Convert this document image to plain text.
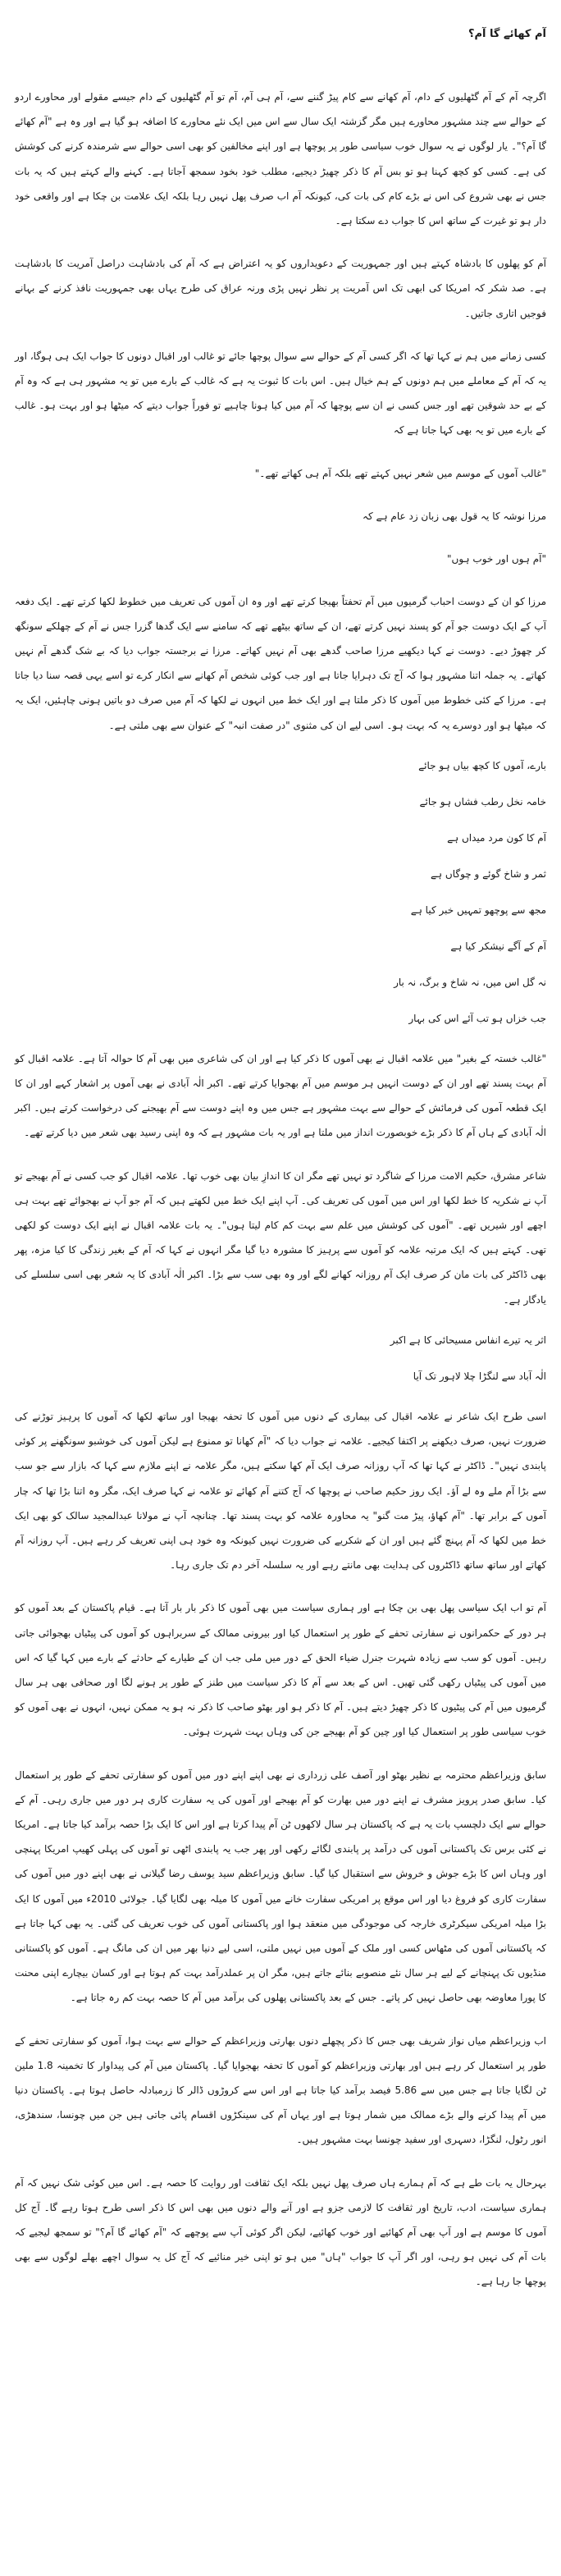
آم کھائے گا آم؟

اگرچہ آم کے آم گٹھلیوں کے دام، آم کھانے سے کام پیڑ گننے سے، آم ہی آم، آم تو آم گٹھلیوں کے دام جیسے مقولے اور محاورے اردو کے حوالے سے چند مشہور محاورے ہیں مگر گزشتہ ایک سال سے اس میں ایک نئے محاورے کا اضافہ ہو گیا ہے اور وہ ہے "آم کھائے گا آم؟"۔ یار لوگوں نے یہ سوال خوب سیاسی طور پر پوچھا ہے اور اپنے مخالفین کو بھی اسی حوالے سے شرمندہ کرنے کی کوشش کی ہے۔ کسی کو کچھ کہنا ہو تو بس آم کا ذکر چھیڑ دیجیے، مطلب خود بخود سمجھ آجاتا ہے۔ کہنے والے کہتے ہیں کہ یہ بات جس نے بھی شروع کی اس نے بڑے کام کی بات کی، کیونکہ آم اب صرف پھل نہیں رہا بلکہ ایک علامت بن چکا ہے اور واقعی خود دار ہو تو غیرت کے ساتھ اس کا جواب دے سکتا ہے۔

آم کو پھلوں کا بادشاہ کہتے ہیں اور جمہوریت کے دعویداروں کو یہ اعتراض ہے کہ آم کی بادشاہت دراصل آمریت کا بادشاہت ہے۔ صد شکر کہ امریکا کی ابھی تک اس آمریت پر نظر نہیں پڑی ورنہ عراق کی طرح یہاں بھی جمہوریت نافذ کرنے کے بہانے فوجیں اتاری جاتیں۔

کسی زمانے میں ہم نے کہا تھا کہ اگر کسی آم کے حوالے سے سوال پوچھا جائے تو غالب اور اقبال دونوں کا جواب ایک ہی ہوگا، اور یہ کہ آم کے معاملے میں ہم دونوں کے ہم خیال ہیں۔ اس بات کا ثبوت یہ ہے کہ غالب کے بارے میں تو یہ مشہور ہی ہے کہ وہ آم کے بے حد شوقین تھے اور جس کسی نے ان سے پوچھا کہ آم میں کیا ہونا چاہیے تو فوراً جواب دیتے کہ میٹھا ہو اور بہت ہو۔ غالب کے بارے میں تو یہ بھی کہا جاتا ہے کہ

"غالب آموں کے موسم میں شعر نہیں کہتے تھے بلکہ آم ہی کھاتے تھے۔"

مرزا نوشہ کا یہ قول بھی زبان زد عام ہے کہ

"آم ہوں اور خوب ہوں"

مرزا کو ان کے دوست احباب گرمیوں میں آم تحفتاً بھیجا کرتے تھے اور وہ ان آموں کی تعریف میں خطوط لکھا کرتے تھے۔ ایک دفعہ آپ کے ایک دوست جو آم کو پسند نہیں کرتے تھے، ان کے ساتھ بیٹھے تھے کہ سامنے سے ایک گدھا گزرا جس نے آم کے چھلکے سونگھ کر چھوڑ دیے۔ دوست نے کہا دیکھیے مرزا صاحب گدھے بھی آم نہیں کھاتے۔ مرزا نے برجستہ جواب دیا کہ بے شک گدھے آم نہیں کھاتے۔ یہ جملہ اتنا مشہور ہوا کہ آج تک دہرایا جاتا ہے اور جب کوئی شخص آم کھانے سے انکار کرے تو اسے یہی قصہ سنا دیا جاتا ہے۔ مرزا کے کئی خطوط میں آموں کا ذکر ملتا ہے اور ایک خط میں انہوں نے لکھا کہ آم میں صرف دو باتیں ہونی چاہئیں، ایک یہ کہ میٹھا ہو اور دوسرے یہ کہ بہت ہو۔ اسی لیے ان کی مثنوی "در صفت انبہ" کے عنوان سے بھی ملتی ہے۔

بارے، آموں کا کچھ بیاں ہو جائے

خامہ نخل رطب فشاں ہو جائے

آم کا کون مرد میداں ہے

ثمر و شاخ گوئے و چوگاں ہے

مجھ سے پوچھو تمہیں خبر کیا ہے

آم کے آگے نیشکر کیا ہے

نہ گل اس میں، نہ شاخ و برگ، نہ بار

جب خزاں ہو تب آئے اس کی بہار

"غالب خستہ کے بغیر" میں علامہ اقبال نے بھی آموں کا ذکر کیا ہے اور ان کی شاعری میں بھی آم کا حوالہ آتا ہے۔ علامہ اقبال کو آم بہت پسند تھے اور ان کے دوست انہیں ہر موسم میں آم بھجوایا کرتے تھے۔ اکبر الٰہ آبادی نے بھی آموں پر اشعار کہے اور ان کا ایک قطعہ آموں کی فرمائش کے حوالے سے بہت مشہور ہے جس میں وہ اپنے دوست سے آم بھیجنے کی درخواست کرتے ہیں۔ اکبر الٰہ آبادی کے ہاں آم کا ذکر بڑے خوبصورت انداز میں ملتا ہے اور یہ بات مشہور ہے کہ وہ اپنی رسید بھی شعر میں دیا کرتے تھے۔

شاعر مشرق، حکیم الامت مرزا کے شاگرد تو نہیں تھے مگر ان کا اندازِ بیان بھی خوب تھا۔ علامہ اقبال کو جب کسی نے آم بھیجے تو آپ نے شکریہ کا خط لکھا اور اس میں آموں کی تعریف کی۔ آپ اپنے ایک خط میں لکھتے ہیں کہ آم جو آپ نے بھجوائے تھے بہت ہی اچھے اور شیریں تھے۔ "آموں کی کوشش میں علم سے بہت کم کام لیتا ہوں"۔ یہ بات علامہ اقبال نے اپنے ایک دوست کو لکھی تھی۔ کہتے ہیں کہ ایک مرتبہ علامہ کو آموں سے پرہیز کا مشورہ دیا گیا مگر انہوں نے کہا کہ آم کے بغیر زندگی کا کیا مزہ، پھر بھی ڈاکٹر کی بات مان کر صرف ایک آم روزانہ کھانے لگے اور وہ بھی سب سے بڑا۔ اکبر الٰہ آبادی کا یہ شعر بھی اسی سلسلے کی یادگار ہے۔

اثر یہ تیرے انفاس مسیحائی کا ہے اکبر

الٰہ آباد سے لنگڑا چلا لاہور تک آیا

اسی طرح ایک شاعر نے علامہ اقبال کی بیماری کے دنوں میں آموں کا تحفہ بھیجا اور ساتھ لکھا کہ آموں کا پرہیز توڑنے کی ضرورت نہیں، صرف دیکھنے پر اکتفا کیجیے۔ علامہ نے جواب دیا کہ "آم کھانا تو ممنوع ہے لیکن آموں کی خوشبو سونگھنے پر کوئی پابندی نہیں"۔ ڈاکٹر نے کہا تھا کہ آپ روزانہ صرف ایک آم کھا سکتے ہیں، مگر علامہ نے اپنے ملازم سے کہا کہ بازار سے جو سب سے بڑا آم ملے وہ لے آؤ۔ ایک روز حکیم صاحب نے پوچھا کہ آج کتنے آم کھائے تو علامہ نے کہا صرف ایک، مگر وہ اتنا بڑا تھا کہ چار آموں کے برابر تھا۔ "آم کھاؤ، پیڑ مت گنو" یہ محاورہ علامہ کو بہت پسند تھا۔ چنانچہ آپ نے مولانا عبدالمجید سالک کو بھی ایک خط میں لکھا کہ آم پہنچ گئے ہیں اور ان کے شکریے کی ضرورت نہیں کیونکہ وہ خود ہی اپنی تعریف کر رہے ہیں۔ آپ روزانہ آم کھاتے اور ساتھ ساتھ ڈاکٹروں کی ہدایت بھی مانتے رہے اور یہ سلسلہ آخر دم تک جاری رہا۔

آم تو اب ایک سیاسی پھل بھی بن چکا ہے اور ہماری سیاست میں بھی آموں کا ذکر بار بار آتا ہے۔ قیام پاکستان کے بعد آموں کو ہر دور کے حکمرانوں نے سفارتی تحفے کے طور پر استعمال کیا اور بیرونی ممالک کے سربراہوں کو آموں کی پیٹیاں بھجوائی جاتی رہیں۔ آموں کو سب سے زیادہ شہرت جنرل ضیاء الحق کے دور میں ملی جب ان کے طیارے کے حادثے کے بارے میں کہا گیا کہ اس میں آموں کی پیٹیاں رکھی گئی تھیں۔ اس کے بعد سے آم کا ذکر سیاست میں طنز کے طور پر ہونے لگا اور صحافی بھی ہر سال گرمیوں میں آم کی پیٹیوں کا ذکر چھیڑ دیتے ہیں۔ آم کا ذکر ہو اور بھٹو صاحب کا ذکر نہ ہو یہ ممکن نہیں، انہوں نے بھی آموں کو خوب سیاسی طور پر استعمال کیا اور چین کو آم بھیجے جن کی وہاں بہت شہرت ہوئی۔

سابق وزیراعظم محترمہ بے نظیر بھٹو اور آصف علی زرداری نے بھی اپنے اپنے دور میں آموں کو سفارتی تحفے کے طور پر استعمال کیا۔ سابق صدر پرویز مشرف نے اپنے دور میں بھارت کو آم بھیجے اور آموں کی یہ سفارت کاری ہر دور میں جاری رہی۔ آم کے حوالے سے ایک دلچسپ بات یہ ہے کہ پاکستان ہر سال لاکھوں ٹن آم پیدا کرتا ہے اور اس کا ایک بڑا حصہ برآمد کیا جاتا ہے۔ امریکا نے کئی برس تک پاکستانی آموں کی درآمد پر پابندی لگائے رکھی اور پھر جب یہ پابندی اٹھی تو آموں کی پہلی کھیپ امریکا پہنچی اور وہاں اس کا بڑے جوش و خروش سے استقبال کیا گیا۔ سابق وزیراعظم سید یوسف رضا گیلانی نے بھی اپنے دور میں آموں کی سفارت کاری کو فروغ دیا اور اس موقع پر امریکی سفارت خانے میں آموں کا میلہ بھی لگایا گیا۔ جولائی 2010ء میں آموں کا ایک بڑا میلہ امریکی سیکرٹری خارجہ کی موجودگی میں منعقد ہوا اور پاکستانی آموں کی خوب تعریف کی گئی۔ یہ بھی کہا جاتا ہے کہ پاکستانی آموں کی مٹھاس کسی اور ملک کے آموں میں نہیں ملتی، اسی لیے دنیا بھر میں ان کی مانگ ہے۔ آموں کو پاکستانی منڈیوں تک پہنچانے کے لیے ہر سال نئے منصوبے بنائے جاتے ہیں، مگر ان پر عملدرآمد بہت کم ہوتا ہے اور کسان بیچارے اپنی محنت کا پورا معاوضہ بھی حاصل نہیں کر پاتے۔ جس کے بعد پاکستانی پھلوں کی برآمد میں آم کا حصہ بہت کم رہ جاتا ہے۔

اب وزیراعظم میاں نواز شریف بھی جس کا ذکر پچھلے دنوں بھارتی وزیراعظم کے حوالے سے بہت ہوا، آموں کو سفارتی تحفے کے طور پر استعمال کر رہے ہیں اور بھارتی وزیراعظم کو آموں کا تحفہ بھجوایا گیا۔ پاکستان میں آم کی پیداوار کا تخمینہ 1.8 ملین ٹن لگایا جاتا ہے جس میں سے 5.86 فیصد برآمد کیا جاتا ہے اور اس سے کروڑوں ڈالر کا زرمبادلہ حاصل ہوتا ہے۔ پاکستان دنیا میں آم پیدا کرنے والے بڑے ممالک میں شمار ہوتا ہے اور یہاں آم کی سینکڑوں اقسام پائی جاتی ہیں جن میں چونسا، سندھڑی، انور رٹول، لنگڑا، دسہری اور سفید چونسا بہت مشہور ہیں۔

بہرحال یہ بات طے ہے کہ آم ہمارے ہاں صرف پھل نہیں بلکہ ایک ثقافت اور روایت کا حصہ ہے۔ اس میں کوئی شک نہیں کہ آم ہماری سیاست، ادب، تاریخ اور ثقافت کا لازمی جزو ہے اور آنے والے دنوں میں بھی اس کا ذکر اسی طرح ہوتا رہے گا۔ آج کل آموں کا موسم ہے اور آپ بھی آم کھائیے اور خوب کھائیے، لیکن اگر کوئی آپ سے پوچھے کہ "آم کھائے گا آم؟" تو سمجھ لیجیے کہ بات آم کی نہیں ہو رہی، اور اگر آپ کا جواب "ہاں" میں ہو تو اپنی خیر منائیے کہ آج کل یہ سوال اچھے بھلے لوگوں سے بھی پوچھا جا رہا ہے۔
